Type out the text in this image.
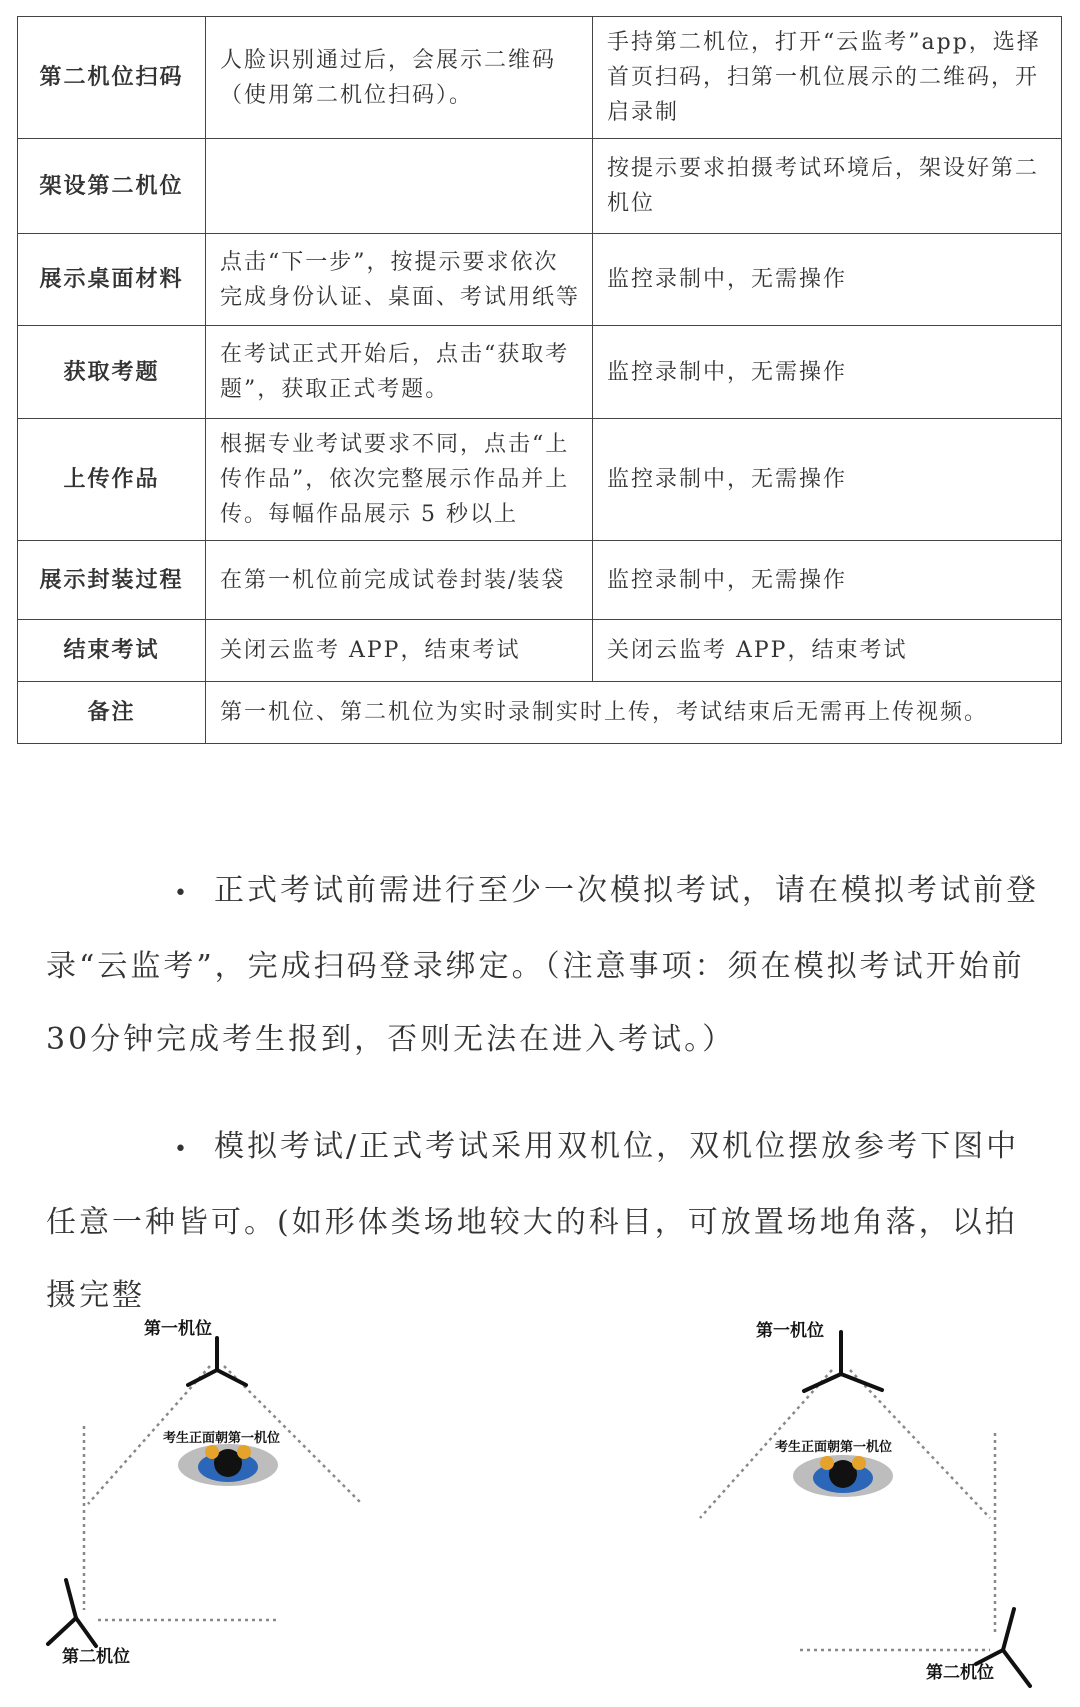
第二机位扫码	人脸识别通过后，会展示二维码（使用第二机位扫码）。	手持第二机位，打开“云监考”app，选择首页扫码，扫第一机位展示的二维码，开启录制
架设第二机位		按提示要求拍摄考试环境后，架设好第二机位
展示桌面材料	点击“下一步”，按提示要求依次完成身份认证、桌面、考试用纸等	监控录制中，无需操作
获取考题	在考试正式开始后，点击“获取考题”，获取正式考题。	监控录制中，无需操作
上传作品	根据专业考试要求不同，点击“上传作品”，依次完整展示作品并上传。每幅作品展示 5 秒以上	监控录制中，无需操作
展示封装过程	在第一机位前完成试卷封装/装袋	监控录制中，无需操作
结束考试	关闭云监考 APP，结束考试	关闭云监考 APP，结束考试
备注	第一机位、第二机位为实时录制实时上传，考试结束后无需再上传视频。	
• 正式考试前需进行至少一次模拟考试，请在模拟考试前登录“云监考”，完成扫码登录绑定。（注意事项：须在模拟考试开始前30分钟完成考生报到，否则无法在进入考试。）
• 模拟考试/正式考试采用双机位，双机位摆放参考下图中任意一种皆可。(如形体类场地较大的科目，可放置场地角落，以拍摄完整
第一机位
考生正面朝第一机位
第二机位
第一机位
考生正面朝第一机位
第二机位
